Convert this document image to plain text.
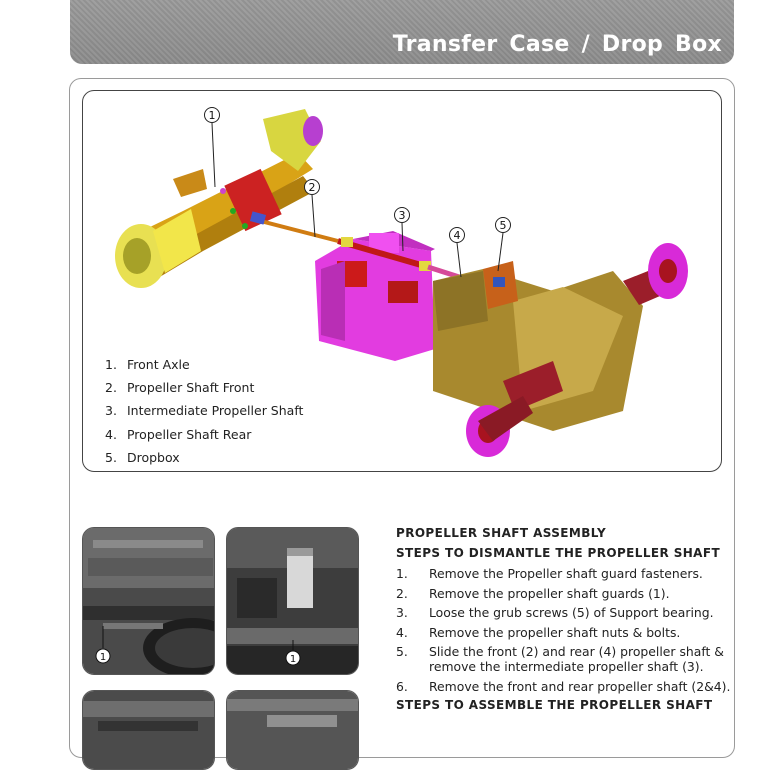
Transfer Case / Drop Box
1
2
3
4
5
1. Front Axle
2. Propeller Shaft Front
3. Intermediate Propeller Shaft
4. Propeller Shaft Rear
5. Dropbox
1	1
PROPELLER SHAFT ASSEMBLY
STEPS TO DISMANTLE THE PROPELLER SHAFT
1. Remove the Propeller shaft guard fasteners.
2. Remove the propeller shaft guards (1).
3. Loose the grub screws (5) of Support bearing.
4. Remove the propeller shaft nuts & bolts.
5. Slide the front (2) and rear (4) propeller shaft & remove the intermediate propeller shaft (3).
6. Remove the front and rear propeller shaft (2&4).
STEPS TO ASSEMBLE THE PROPELLER SHAFT
